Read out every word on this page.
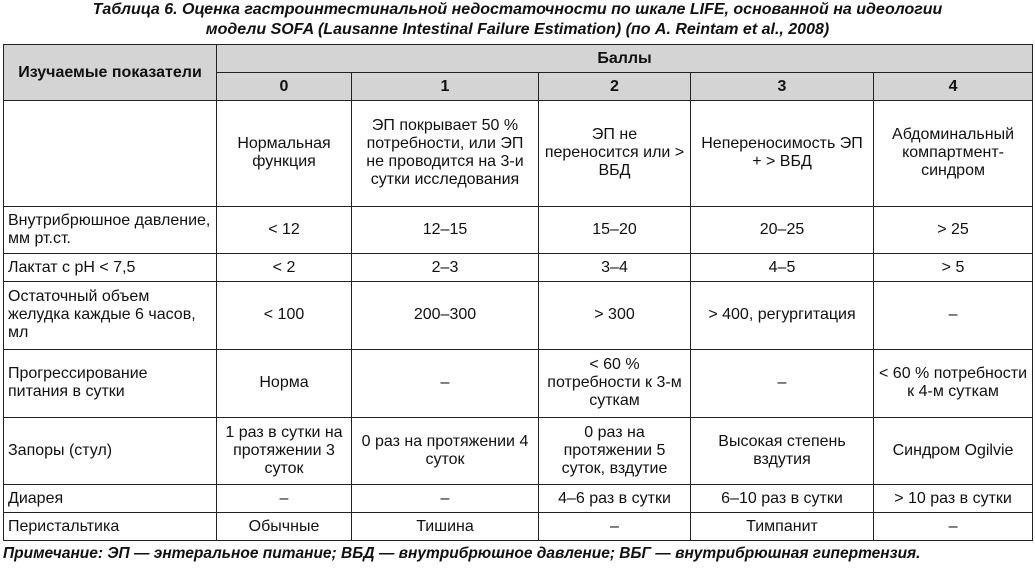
Таблица 6. Оценка гастроинтестинальной недостаточности по шкале LIFE, основанной на идеологии
модели SOFA (Lausanne Intestinal Failure Estimation) (по A. Reintam et al., 2008)
Изучаемые показатели	Баллы				
	0	1	2	3	4
	Нормальная функция	ЭП покрывает 50 % потребности, или ЭП не проводится на 3-и сутки исследования	ЭП не переносится или > ВБД	Непереносимость ЭП + > ВБД	Абдоминальный компартмент-синдром
Внутрибрюшное давление, мм рт.ст.	< 12	12–15	15–20	20–25	> 25
Лактат с рН < 7,5	< 2	2–3	3–4	4–5	> 5
Остаточный объем желудка каждые 6 часов, мл	< 100	200–300	> 300	> 400, регургитация	–
Прогрессирование питания в сутки	Норма	–	< 60 % потребности к 3-м суткам	–	< 60 % потребности к 4-м суткам
Запоры (стул)	1 раз в сутки на протяжении 3 суток	0 раз на протяжении 4 суток	0 раз на протяжении 5 суток, вздутие	Высокая степень вздутия	Синдром Ogilvie
Диарея	–	–	4–6 раз в сутки	6–10 раз в сутки	> 10 раз в сутки
Перистальтика	Обычные	Тишина	–	Тимпанит	–
Примечание: ЭП — энтеральное питание; ВБД — внутрибрюшное давление; ВБГ — внутрибрюшная гипертензия.
